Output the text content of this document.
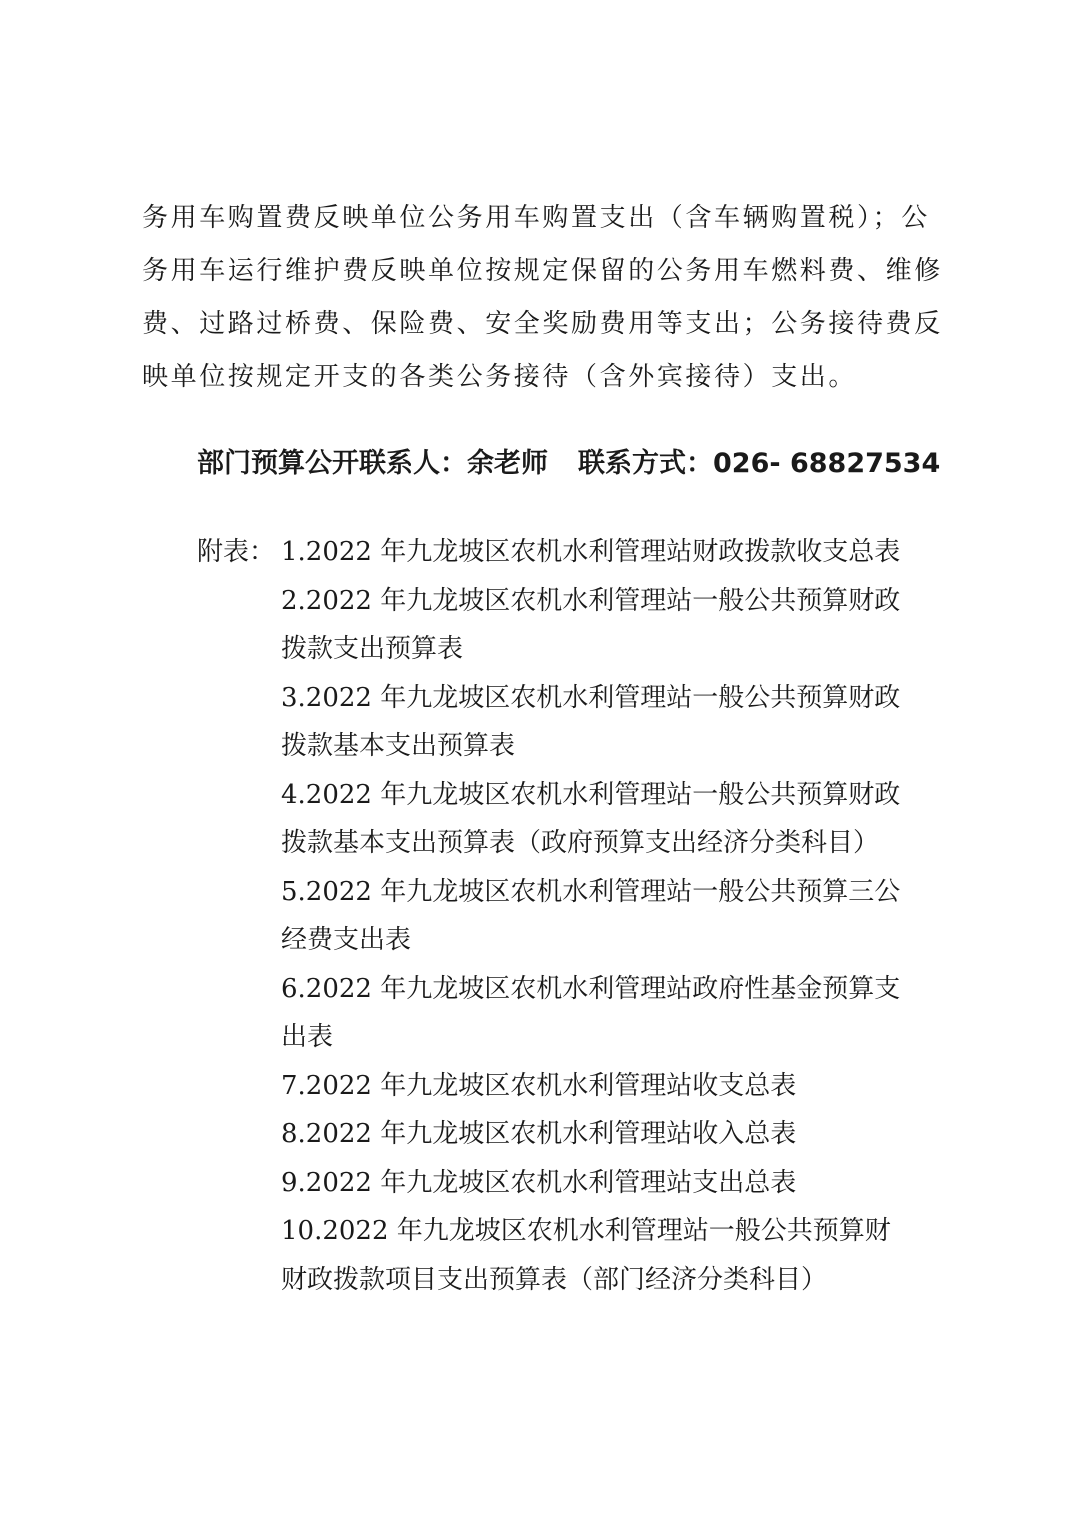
务用车购置费反映单位公务用车购置支出（含车辆购置税）；公
务用车运行维护费反映单位按规定保留的公务用车燃料费、维修
费、过路过桥费、保险费、安全奖励费用等支出；公务接待费反
映单位按规定开支的各类公务接待（含外宾接待）支出。
部门预算公开联系人：余老师 联系方式：026- 68827534
附表： 1.2022 年九龙坡区农机水利管理站财政拨款收支总表
2.2022 年九龙坡区农机水利管理站一般公共预算财政
拨款支出预算表
3.2022 年九龙坡区农机水利管理站一般公共预算财政
拨款基本支出预算表
4.2022 年九龙坡区农机水利管理站一般公共预算财政
拨款基本支出预算表（政府预算支出经济分类科目）
5.2022 年九龙坡区农机水利管理站一般公共预算三公
经费支出表
6.2022 年九龙坡区农机水利管理站政府性基金预算支
出表
7.2022 年九龙坡区农机水利管理站收支总表
8.2022 年九龙坡区农机水利管理站收入总表
9.2022 年九龙坡区农机水利管理站支出总表
10.2022 年九龙坡区农机水利管理站一般公共预算财
财政拨款项目支出预算表（部门经济分类科目）
